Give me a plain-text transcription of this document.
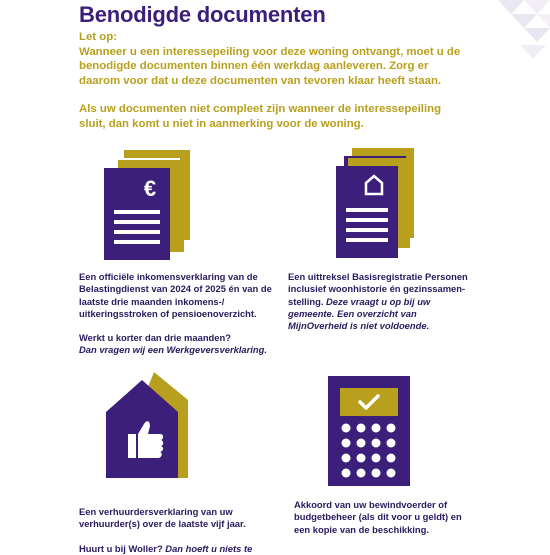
Benodigde documenten

Let op:

Wanneer u een interessepeiling voor deze woning ontvangt, moet u de benodigde documenten binnen één werkdag aanleveren. Zorg er daarom voor dat u deze documenten van tevoren klaar heeft staan.

Als uw documenten niet compleet zijn wanneer de interessepeiling sluit, dan komt u niet in aanmerking voor de woning.

€

Een officiële inkomensverklaring van de Belastingdienst van 2024 of 2025 én van de laatste drie maanden inkomens-/ uitkeringsstroken of pensioenoverzicht.

Werkt u korter dan drie maanden?

Dan vragen wij een Werkgeversverklaring.

Een uittreksel Basisregistratie Personen inclusief woonhistorie én gezinssamen-stelling. Deze vraagt u op bij uw gemeente. Een overzicht van MijnOverheid is niet voldoende.

Een verhuurdersverklaring van uw verhuurder(s) over de laatste vijf jaar.

Huurt u bij Woller? Dan hoeft u niets te

Akkoord van uw bewindvoerder of budgetbeheer (als dit voor u geldt) en een kopie van de beschikking.
